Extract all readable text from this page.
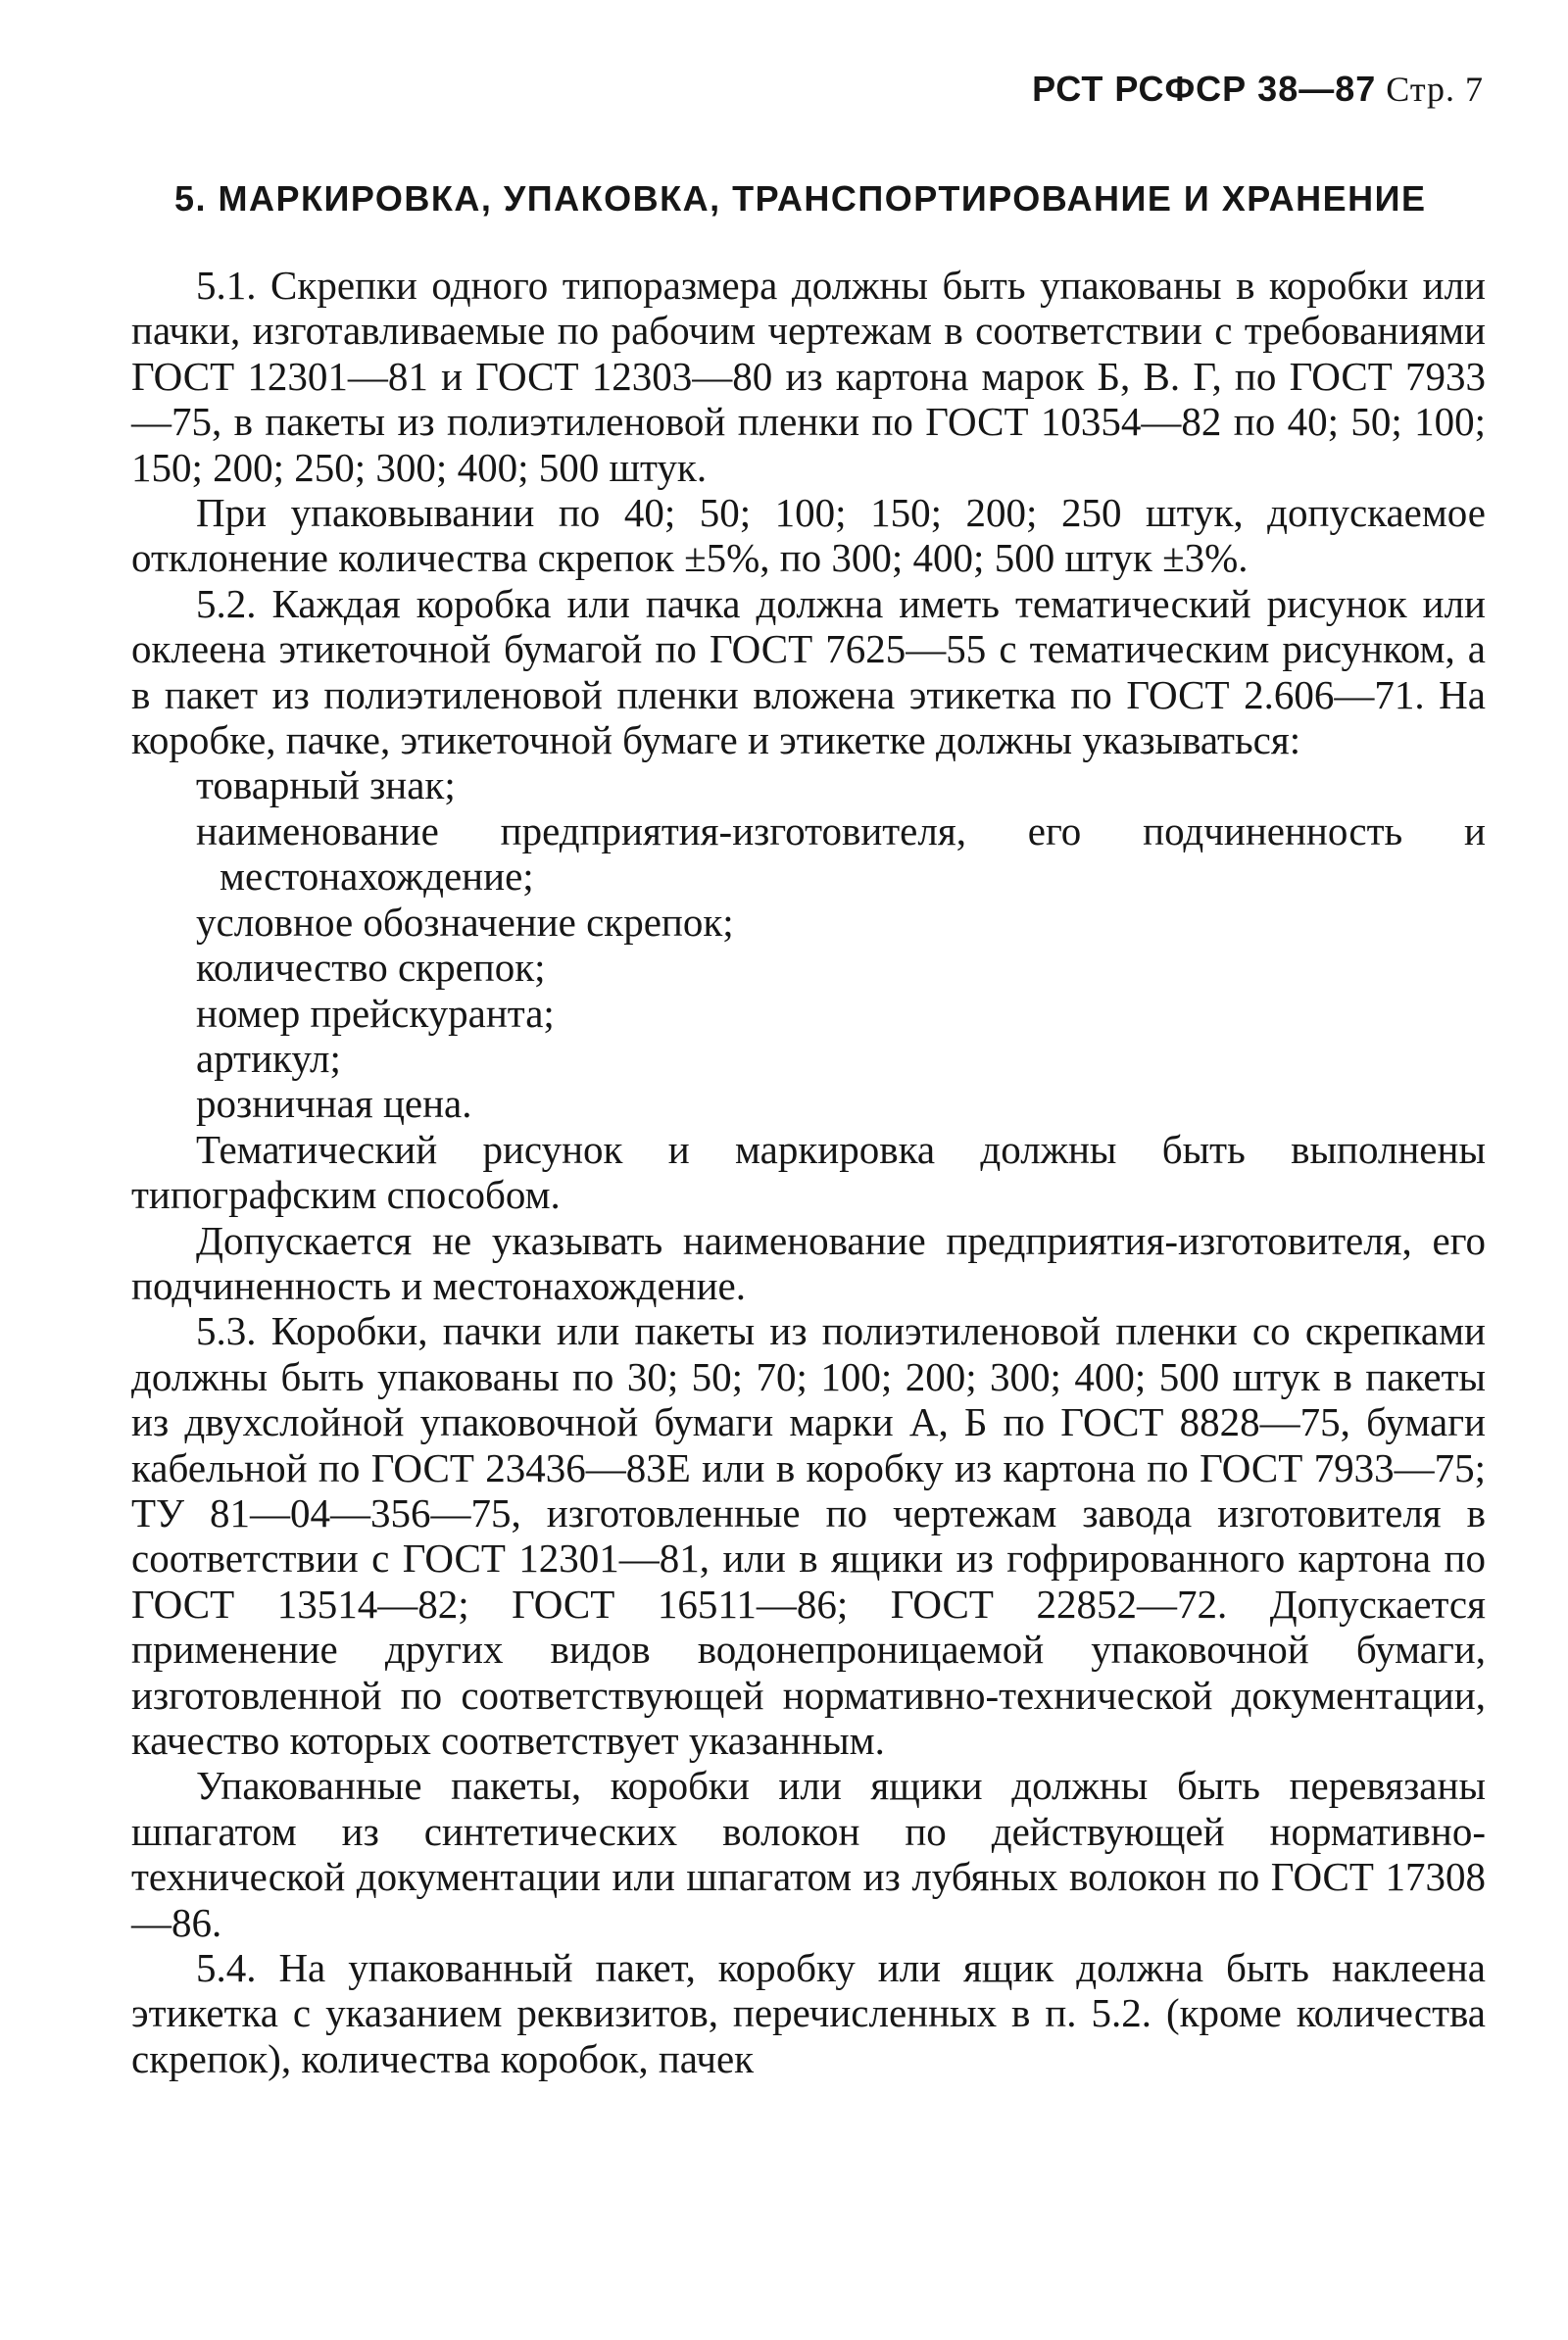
РСТ РСФСР 38—87 Стр. 7
5. МАРКИРОВКА, УПАКОВКА, ТРАНСПОРТИРОВАНИЕ И ХРАНЕНИЕ

5.1. Скрепки одного типоразмера должны быть упакованы в коробки или пачки, изготавливаемые по рабочим чертежам в соответствии с требованиями ГОСТ 12301—81 и ГОСТ 12303—80 из картона марок Б, В. Г, по ГОСТ 7933—75, в пакеты из полиэтиленовой пленки по ГОСТ 10354—82 по 40; 50; 100; 150; 200; 250; 300; 400; 500 штук.

При упаковывании по 40; 50; 100; 150; 200; 250 штук, допускаемое отклонение количества скрепок ±5%, по 300; 400; 500 штук ±3%.

5.2. Каждая коробка или пачка должна иметь тематический рисунок или оклеена этикеточной бумагой по ГОСТ 7625—55 с тематическим рисунком, а в пакет из полиэтиленовой пленки вложена этикетка по ГОСТ 2.606—71. На коробке, пачке, этикеточной бумаге и этикетке должны указываться:

товарный знак;

наименование предприятия-изготовителя, его подчиненность и местонахождение;

условное обозначение скрепок;

количество скрепок;

номер прейскуранта;

артикул;

розничная цена.

Тематический рисунок и маркировка должны быть выполнены типографским способом.

Допускается не указывать наименование предприятия-изготовителя, его подчиненность и местонахождение.

5.3. Коробки, пачки или пакеты из полиэтиленовой пленки со скрепками должны быть упакованы по 30; 50; 70; 100; 200; 300; 400; 500 штук в пакеты из двухслойной упаковочной бумаги марки А, Б по ГОСТ 8828—75, бумаги кабельной по ГОСТ 23436—83Е или в коробку из картона по ГОСТ 7933—75; ТУ 81—04—356—75, изготовленные по чертежам завода изготовителя в соответствии с ГОСТ 12301—81, или в ящики из гофрированного картона по ГОСТ 13514—82; ГОСТ 16511—86; ГОСТ 22852—72. Допускается применение других видов водонепроницаемой упаковочной бумаги, изготовленной по соответствующей нормативно-технической документации, качество которых соответствует указанным.

Упакованные пакеты, коробки или ящики должны быть перевязаны шпагатом из синтетических волокон по действующей нормативно-технической документации или шпагатом из лубяных волокон по ГОСТ 17308—86.

5.4. На упакованный пакет, коробку или ящик должна быть наклеена этикетка с указанием реквизитов, перечисленных в п. 5.2. (кроме количества скрепок), количества коробок, пачек
